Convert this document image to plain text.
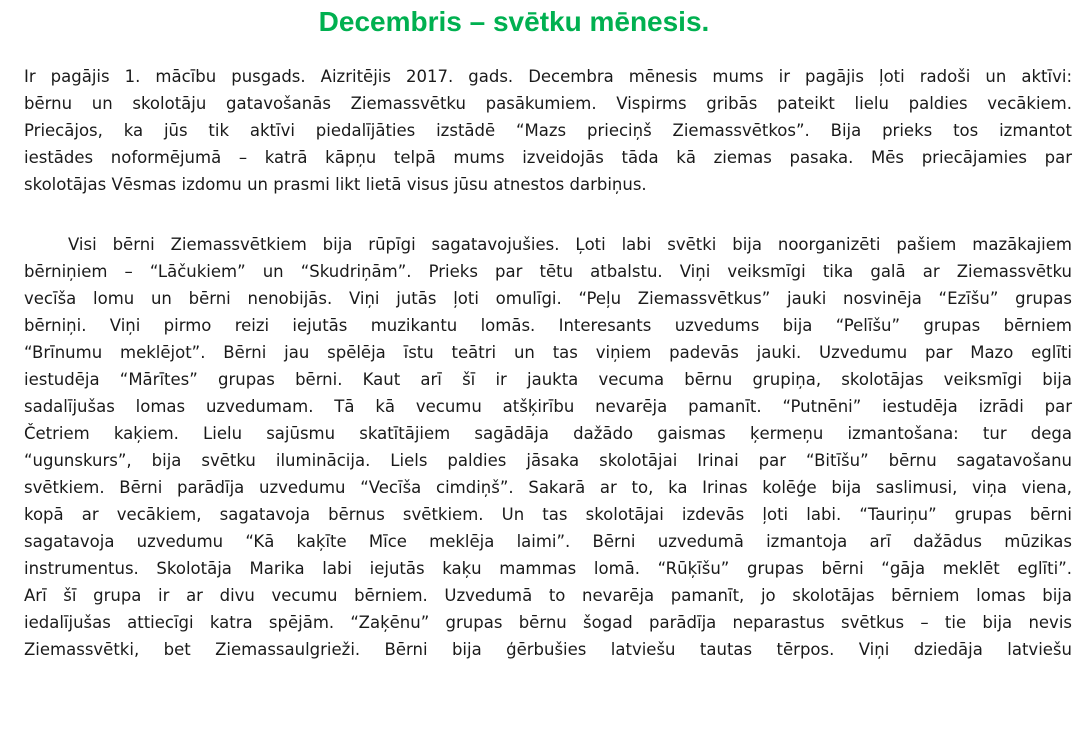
Decembris – svētku mēnesis.

Ir pagājis 1. mācību pusgads. Aizritējis 2017. gads. Decembra mēnesis mums ir pagājis ļoti radoši un aktīvi:
bērnu un skolotāju gatavošanās Ziemassvētku pasākumiem. Vispirms gribās pateikt lielu paldies vecākiem.
Priecājos, ka jūs tik aktīvi piedalījāties izstādē “Mazs prieciņš Ziemassvētkos”. Bija prieks tos izmantot
iestādes noformējumā – katrā kāpņu telpā mums izveidojās tāda kā ziemas pasaka. Mēs priecājamies par
skolotājas Vēsmas izdomu un prasmi likt lietā visus jūsu atnestos darbiņus.

Visi bērni Ziemassvētkiem bija rūpīgi sagatavojušies. Ļoti labi svētki bija noorganizēti pašiem mazākajiem
bērniņiem – “Lāčukiem” un “Skudriņām”. Prieks par tētu atbalstu. Viņi veiksmīgi tika galā ar Ziemassvētku
vecīša lomu un bērni nenobijās. Viņi jutās ļoti omulīgi. “Peļu Ziemassvētkus” jauki nosvinēja “Ezīšu” grupas
bērniņi. Viņi pirmo reizi iejutās muzikantu lomās. Interesants uzvedums bija “Pelīšu” grupas bērniem
“Brīnumu meklējot”. Bērni jau spēlēja īstu teātri un tas viņiem padevās jauki. Uzvedumu par Mazo eglīti
iestudēja “Mārītes” grupas bērni. Kaut arī šī ir jaukta vecuma bērnu grupiņa, skolotājas veiksmīgi bija
sadalījušas lomas uzvedumam. Tā kā vecumu atšķirību nevarēja pamanīt. “Putnēni” iestudēja izrādi par
Četriem kaķiem. Lielu sajūsmu skatītājiem sagādāja dažādo gaismas ķermeņu izmantošana: tur dega
“ugunskurs”, bija svētku iluminācija. Liels paldies jāsaka skolotājai Irinai par “Bitīšu” bērnu sagatavošanu
svētkiem. Bērni parādīja uzvedumu “Vecīša cimdiņš”. Sakarā ar to, ka Irinas kolēģe bija saslimusi, viņa viena,
kopā ar vecākiem, sagatavoja bērnus svētkiem. Un tas skolotājai izdevās ļoti labi. “Tauriņu” grupas bērni
sagatavoja uzvedumu “Kā kaķīte Mīce meklēja laimi”. Bērni uzvedumā izmantoja arī dažādus mūzikas
instrumentus. Skolotāja Marika labi iejutās kaķu mammas lomā. “Rūķīšu” grupas bērni “gāja meklēt eglīti”.
Arī šī grupa ir ar divu vecumu bērniem. Uzvedumā to nevarēja pamanīt, jo skolotājas bērniem lomas bija
iedalījušas attiecīgi katra spējām. “Zaķēnu” grupas bērnu šogad parādīja neparastus svētkus – tie bija nevis
Ziemassvētki, bet Ziemassaulgrieži. Bērni bija ģērbušies latviešu tautas tērpos. Viņi dziedāja latviešu
